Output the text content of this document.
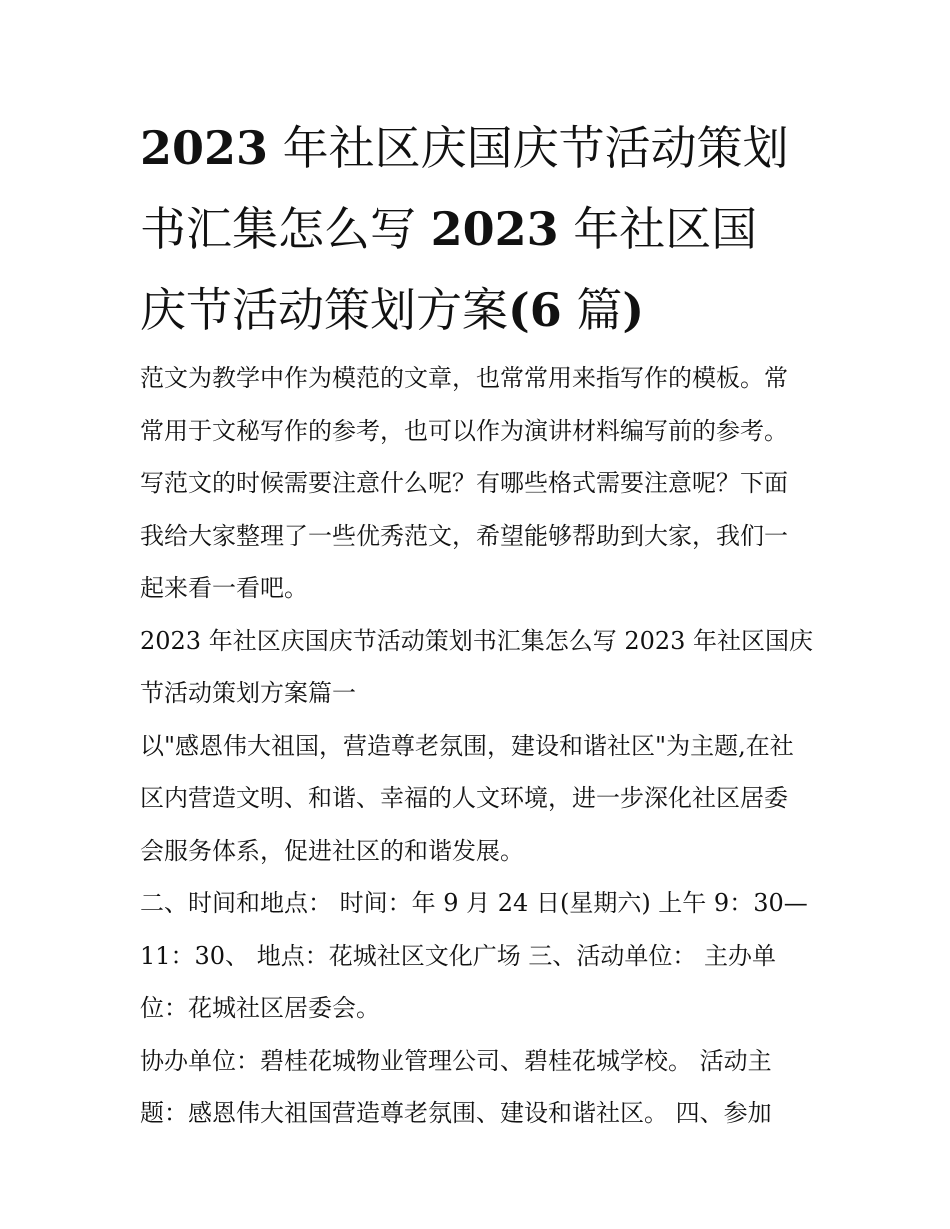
2023 年社区庆国庆节活动策划
书汇集怎么写 2023 年社区国
庆节活动策划方案(6 篇)

范文为教学中作为模范的文章，也常常用来指写作的模板。常

常用于文秘写作的参考，也可以作为演讲材料编写前的参考。

写范文的时候需要注意什么呢？有哪些格式需要注意呢？下面

我给大家整理了一些优秀范文，希望能够帮助到大家，我们一

起来看一看吧。

2023 年社区庆国庆节活动策划书汇集怎么写 2023 年社区国庆

节活动策划方案篇一

以"感恩伟大祖国，营造尊老氛围，建设和谐社区"为主题,在社

区内营造文明、和谐、幸福的人文环境，进一步深化社区居委

会服务体系，促进社区的和谐发展。

二、时间和地点： 时间：年 9 月 24 日(星期六) 上午 9：30—

11：30、 地点：花城社区文化广场 三、活动单位： 主办单

位：花城社区居委会。

协办单位：碧桂花城物业管理公司、碧桂花城学校。 活动主

题：感恩伟大祖国营造尊老氛围、建设和谐社区。 四、参加
